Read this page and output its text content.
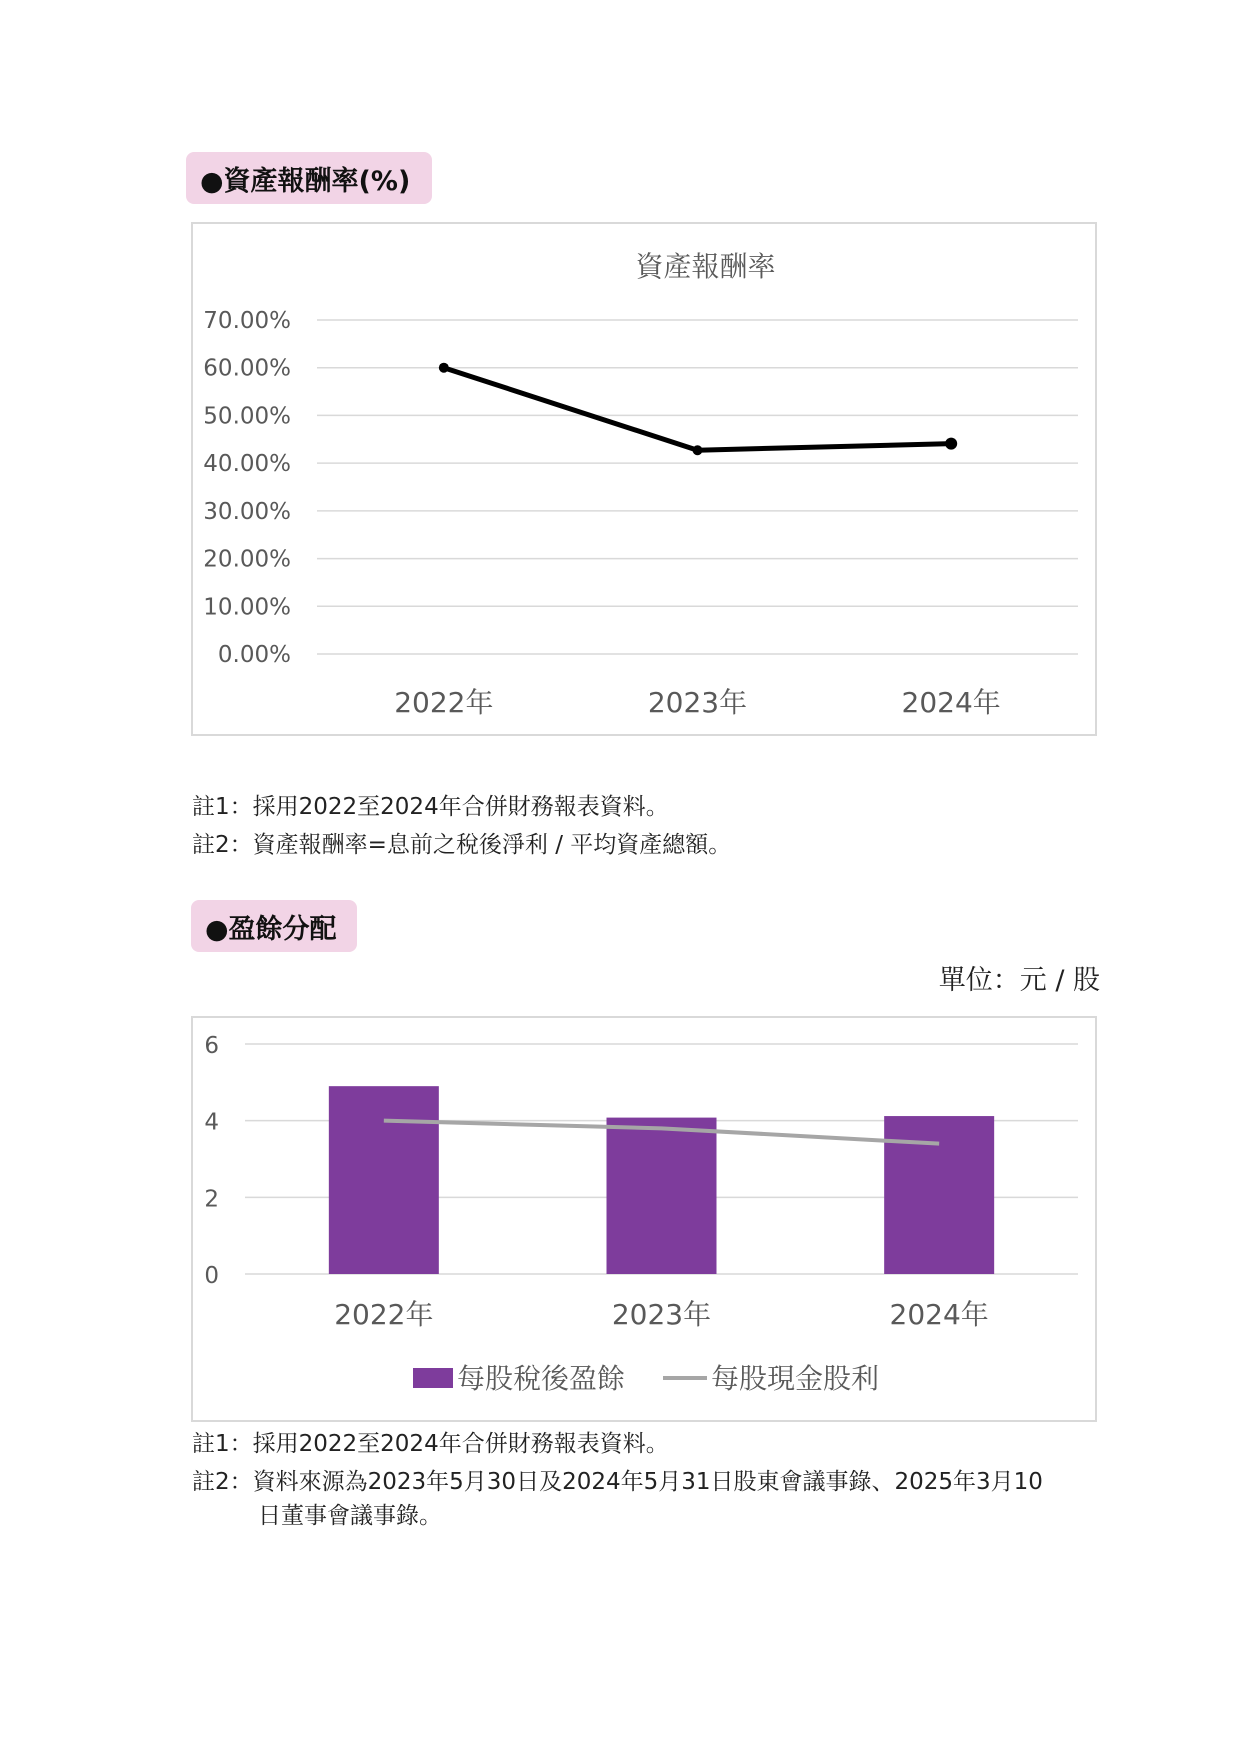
●資產報酬率(%)
資產報酬率
0.00%
10.00%
20.00%
30.00%
40.00%
50.00%
60.00%
70.00%
2022年	2023年	2024年
註1：採用2022至2024年合併財務報表資料。
註2：資產報酬率=息前之稅後淨利 / 平均資產總額。
●盈餘分配
單位：元 / 股
0
2
4
6
2022年	2023年	2024年
每股稅後盈餘	每股現金股利
註1：採用2022至2024年合併財務報表資料。
註2：資料來源為2023年5月30日及2024年5月31日股東會議事錄、2025年3月10
日董事會議事錄。
